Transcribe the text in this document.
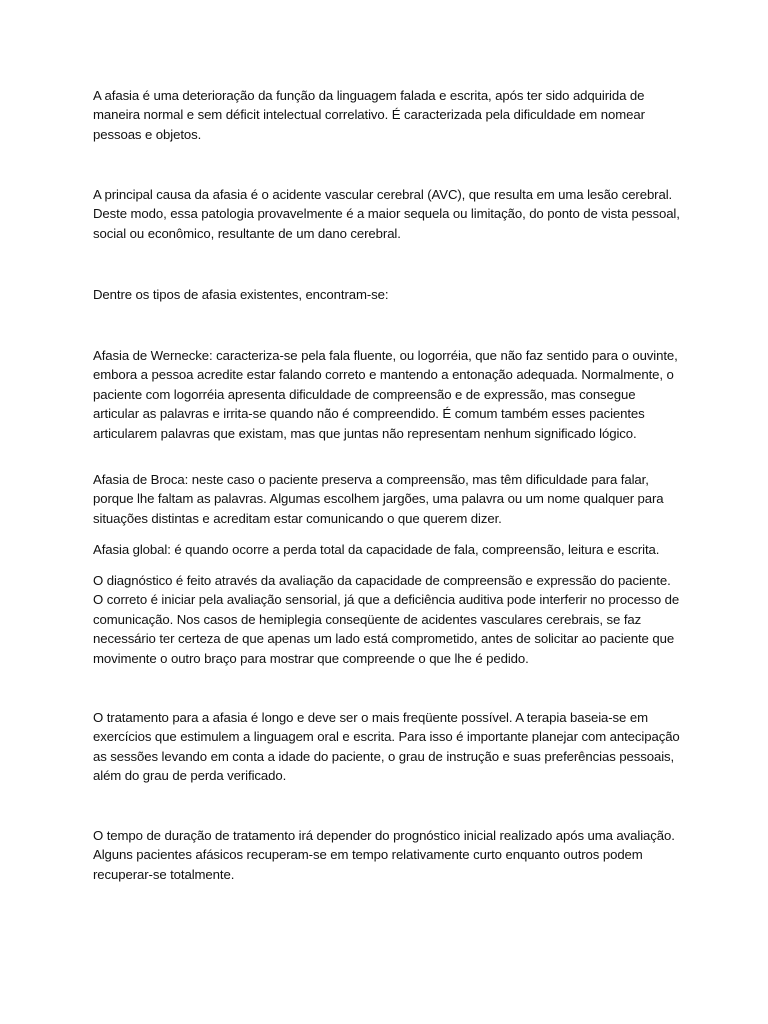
A afasia é uma deterioração da função da linguagem falada e escrita, após ter sido adquirida de maneira normal e sem déficit intelectual correlativo. É caracterizada pela dificuldade em nomear pessoas e objetos.

A principal causa da afasia é o acidente vascular cerebral (AVC), que resulta em uma lesão cerebral. Deste modo, essa patologia provavelmente é a maior sequela ou limitação, do ponto de vista pessoal, social ou econômico, resultante de um dano cerebral.

Dentre os tipos de afasia existentes, encontram-se:

Afasia de Wernecke: caracteriza-se pela fala fluente, ou logorréia, que não faz sentido para o ouvinte, embora a pessoa acredite estar falando correto e mantendo a entonação adequada. Normalmente, o paciente com logorréia apresenta dificuldade de compreensão e de expressão, mas consegue articular as palavras e irrita-se quando não é compreendido. É comum também esses pacientes articularem palavras que existam, mas que juntas não representam nenhum significado lógico.

Afasia de Broca: neste caso o paciente preserva a compreensão, mas têm dificuldade para falar, porque lhe faltam as palavras. Algumas escolhem jargões, uma palavra ou um nome qualquer para situações distintas e acreditam estar comunicando o que querem dizer.

Afasia global: é quando ocorre a perda total da capacidade de fala, compreensão, leitura e escrita.

O diagnóstico é feito através da avaliação da capacidade de compreensão e expressão do paciente. O correto é iniciar pela avaliação sensorial, já que a deficiência auditiva pode interferir no processo de comunicação. Nos casos de hemiplegia conseqüente de acidentes vasculares cerebrais, se faz necessário ter certeza de que apenas um lado está comprometido, antes de solicitar ao paciente que movimente o outro braço para mostrar que compreende o que lhe é pedido.

O tratamento para a afasia é longo e deve ser o mais freqüente possível. A terapia baseia-se em exercícios que estimulem a linguagem oral e escrita. Para isso é importante planejar com antecipação as sessões levando em conta a idade do paciente, o grau de instrução e suas preferências pessoais, além do grau de perda verificado.

O tempo de duração de tratamento irá depender do prognóstico inicial realizado após uma avaliação. Alguns pacientes afásicos recuperam-se em tempo relativamente curto enquanto outros podem recuperar-se totalmente.
